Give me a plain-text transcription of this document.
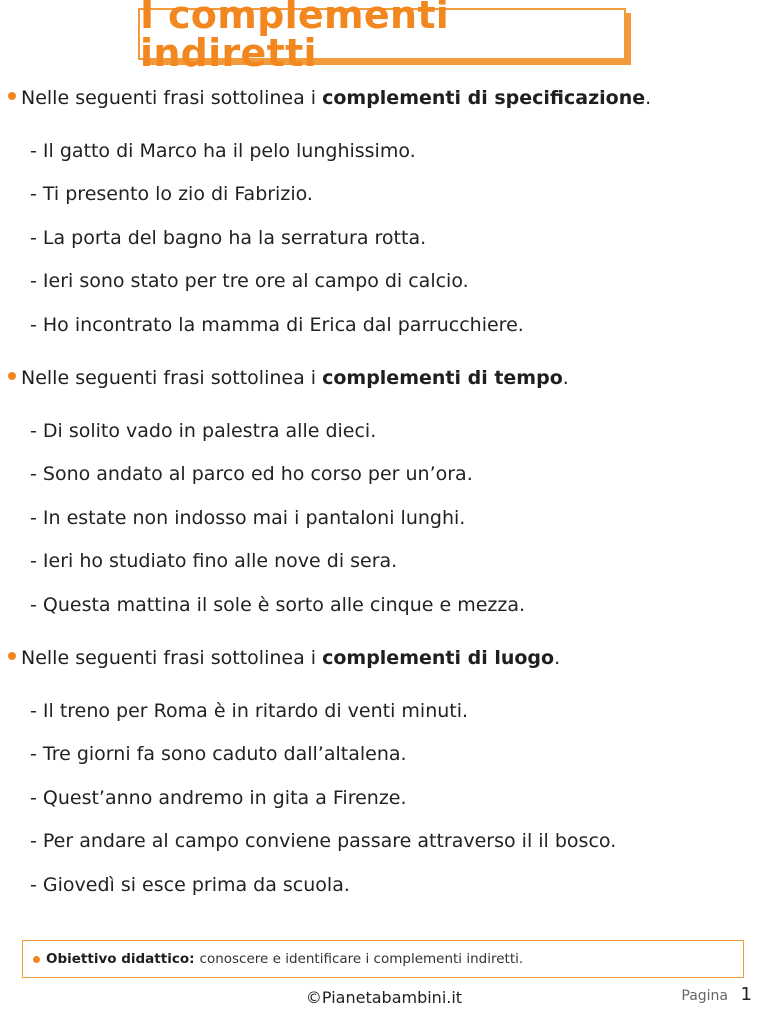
I complementi indiretti
Nelle seguenti frasi sottolinea i complementi di specificazione.
- Il gatto di Marco ha il pelo lunghissimo.
- Ti presento lo zio di Fabrizio.
- La porta del bagno ha la serratura rotta.
- Ieri sono stato per tre ore al campo di calcio.
- Ho incontrato la mamma di Erica dal parrucchiere.
Nelle seguenti frasi sottolinea i complementi di tempo.
- Di solito vado in palestra alle dieci.
- Sono andato al parco ed ho corso per un’ora.
- In estate non indosso mai i pantaloni lunghi.
- Ieri ho studiato fino alle nove di sera.
- Questa mattina il sole è sorto alle cinque e mezza.
Nelle seguenti frasi sottolinea i complementi di luogo.
- Il treno per Roma è in ritardo di venti minuti.
- Tre giorni fa sono caduto dall’altalena.
- Quest’anno andremo in gita a Firenze.
- Per andare al campo conviene passare attraverso il il bosco.
- Giovedì si esce prima da scuola.
Obiettivo didattico: conoscere e identificare i complementi indiretti.
©Pianetabambini.it	Pagina 1
